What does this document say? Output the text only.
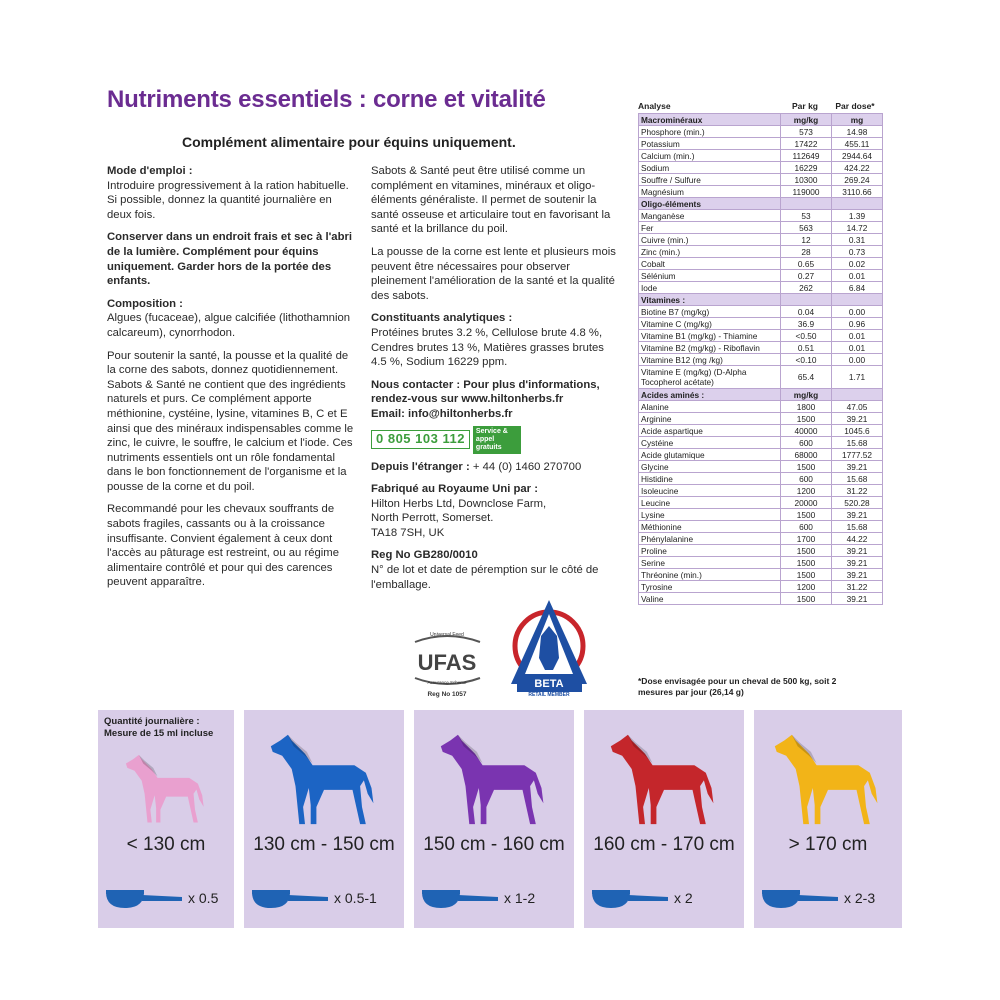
Nutriments essentiels : corne et vitalité
Complément alimentaire pour équins uniquement.

Mode d'emploi :
Introduire progressivement à la ration habituelle. Si possible, donnez la quantité journalière en deux fois.

Conserver dans un endroit frais et sec à l'abri de la lumière. Complément pour équins uniquement. Garder hors de la portée des enfants.

Composition :
Algues (fucaceae), algue calcifiée (lithothamnion calcareum), cynorrhodon.

Pour soutenir la santé, la pousse et la qualité de la corne des sabots, donnez quotidiennement. Sabots & Santé ne contient que des ingrédients naturels et purs. Ce complément apporte méthionine, cystéine, lysine, vitamines B, C et E ainsi que des minéraux indispensables comme le zinc, le cuivre, le souffre, le calcium et l'iode. Ces nutriments essentiels ont un rôle fondamental dans le bon fonctionnement de l'organisme et la pousse de la corne et du poil.

Recommandé pour les chevaux souffrants de sabots fragiles, cassants ou à la croissance insuffisante. Convient également à ceux dont l'accès au pâturage est restreint, ou au régime alimentaire contrôlé et pour qui des carences peuvent apparaître.

Sabots & Santé peut être utilisé comme un complément en vitamines, minéraux et oligo-éléments généraliste. Il permet de soutenir la santé osseuse et articulaire tout en favorisant la santé et la brillance du poil.

La pousse de la corne est lente et plusieurs mois peuvent être nécessaires pour observer pleinement l'amélioration de la santé et la qualité des sabots.

Constituants analytiques :
Protéines brutes 3.2 %, Cellulose brute 4.8 %, Cendres brutes 13 %, Matières grasses brutes 4.5 %, Sodium 16229 ppm.

Nous contacter : Pour plus d'informations, rendez-vous sur www.hiltonherbs.fr
Email: info@hiltonherbs.fr

0 805 103 112
Service & appel gratuits

Depuis l'étranger : + 44 (0) 1460 270700

Fabriqué au Royaume Uni par :
Hilton Herbs Ltd, Downclose Farm,
North Perrott, Somerset.
TA18 7SH, UK

Reg No GB280/0010
N° de lot et date de péremption sur le côté de l'emballage.

Universal Feed
UFAS
Assurance Scheme
Reg No 1057
BETA
RETAIL MEMBER
Analyse	Par kg	Par dose*
Macrominéraux	mg/kg	mg
Phosphore (min.)	573	14.98
Potassium	17422	455.11
Calcium (min.)	112649	2944.64
Sodium	16229	424.22
Souffre / Sulfure	10300	269.24
Magnésium	119000	3110.66
Oligo-éléments		
Manganèse	53	1.39
Fer	563	14.72
Cuivre (min.)	12	0.31
Zinc (min.)	28	0.73
Cobalt	0.65	0.02
Sélénium	0.27	0.01
Iode	262	6.84
Vitamines :		
Biotine B7 (mg/kg)	0.04	0.00
Vitamine C (mg/kg)	36.9	0.96
Vitamine B1 (mg/kg) - Thiamine	<0.50	0.01
Vitamine B2 (mg/kg) - Riboflavin	0.51	0.01
Vitamine B12 (mg /kg)	<0.10	0.00
Vitamine E (mg/kg) (D-Alpha Tocopherol acétate)	65.4	1.71
Acides aminés :	mg/kg	
Alanine	1800	47.05
Arginine	1500	39.21
Acide aspartique	40000	1045.6
Cystéine	600	15.68
Acide glutamique	68000	1777.52
Glycine	1500	39.21
Histidine	600	15.68
Isoleucine	1200	31.22
Leucine	20000	520.28
Lysine	1500	39.21
Méthionine	600	15.68
Phénylalanine	1700	44.22
Proline	1500	39.21
Serine	1500	39.21
Thréonine (min.)	1500	39.21
Tyrosine	1200	31.22
Valine	1500	39.21
*Dose envisagée pour un cheval de 500 kg, soit 2 mesures par jour (26,14 g)
Quantité journalière :
Mesure de 15 ml incluse
< 130 cm
x 0.5
130 cm - 150 cm
x 0.5-1
150 cm - 160 cm
x 1-2
160 cm - 170 cm
x 2
> 170 cm
x 2-3
